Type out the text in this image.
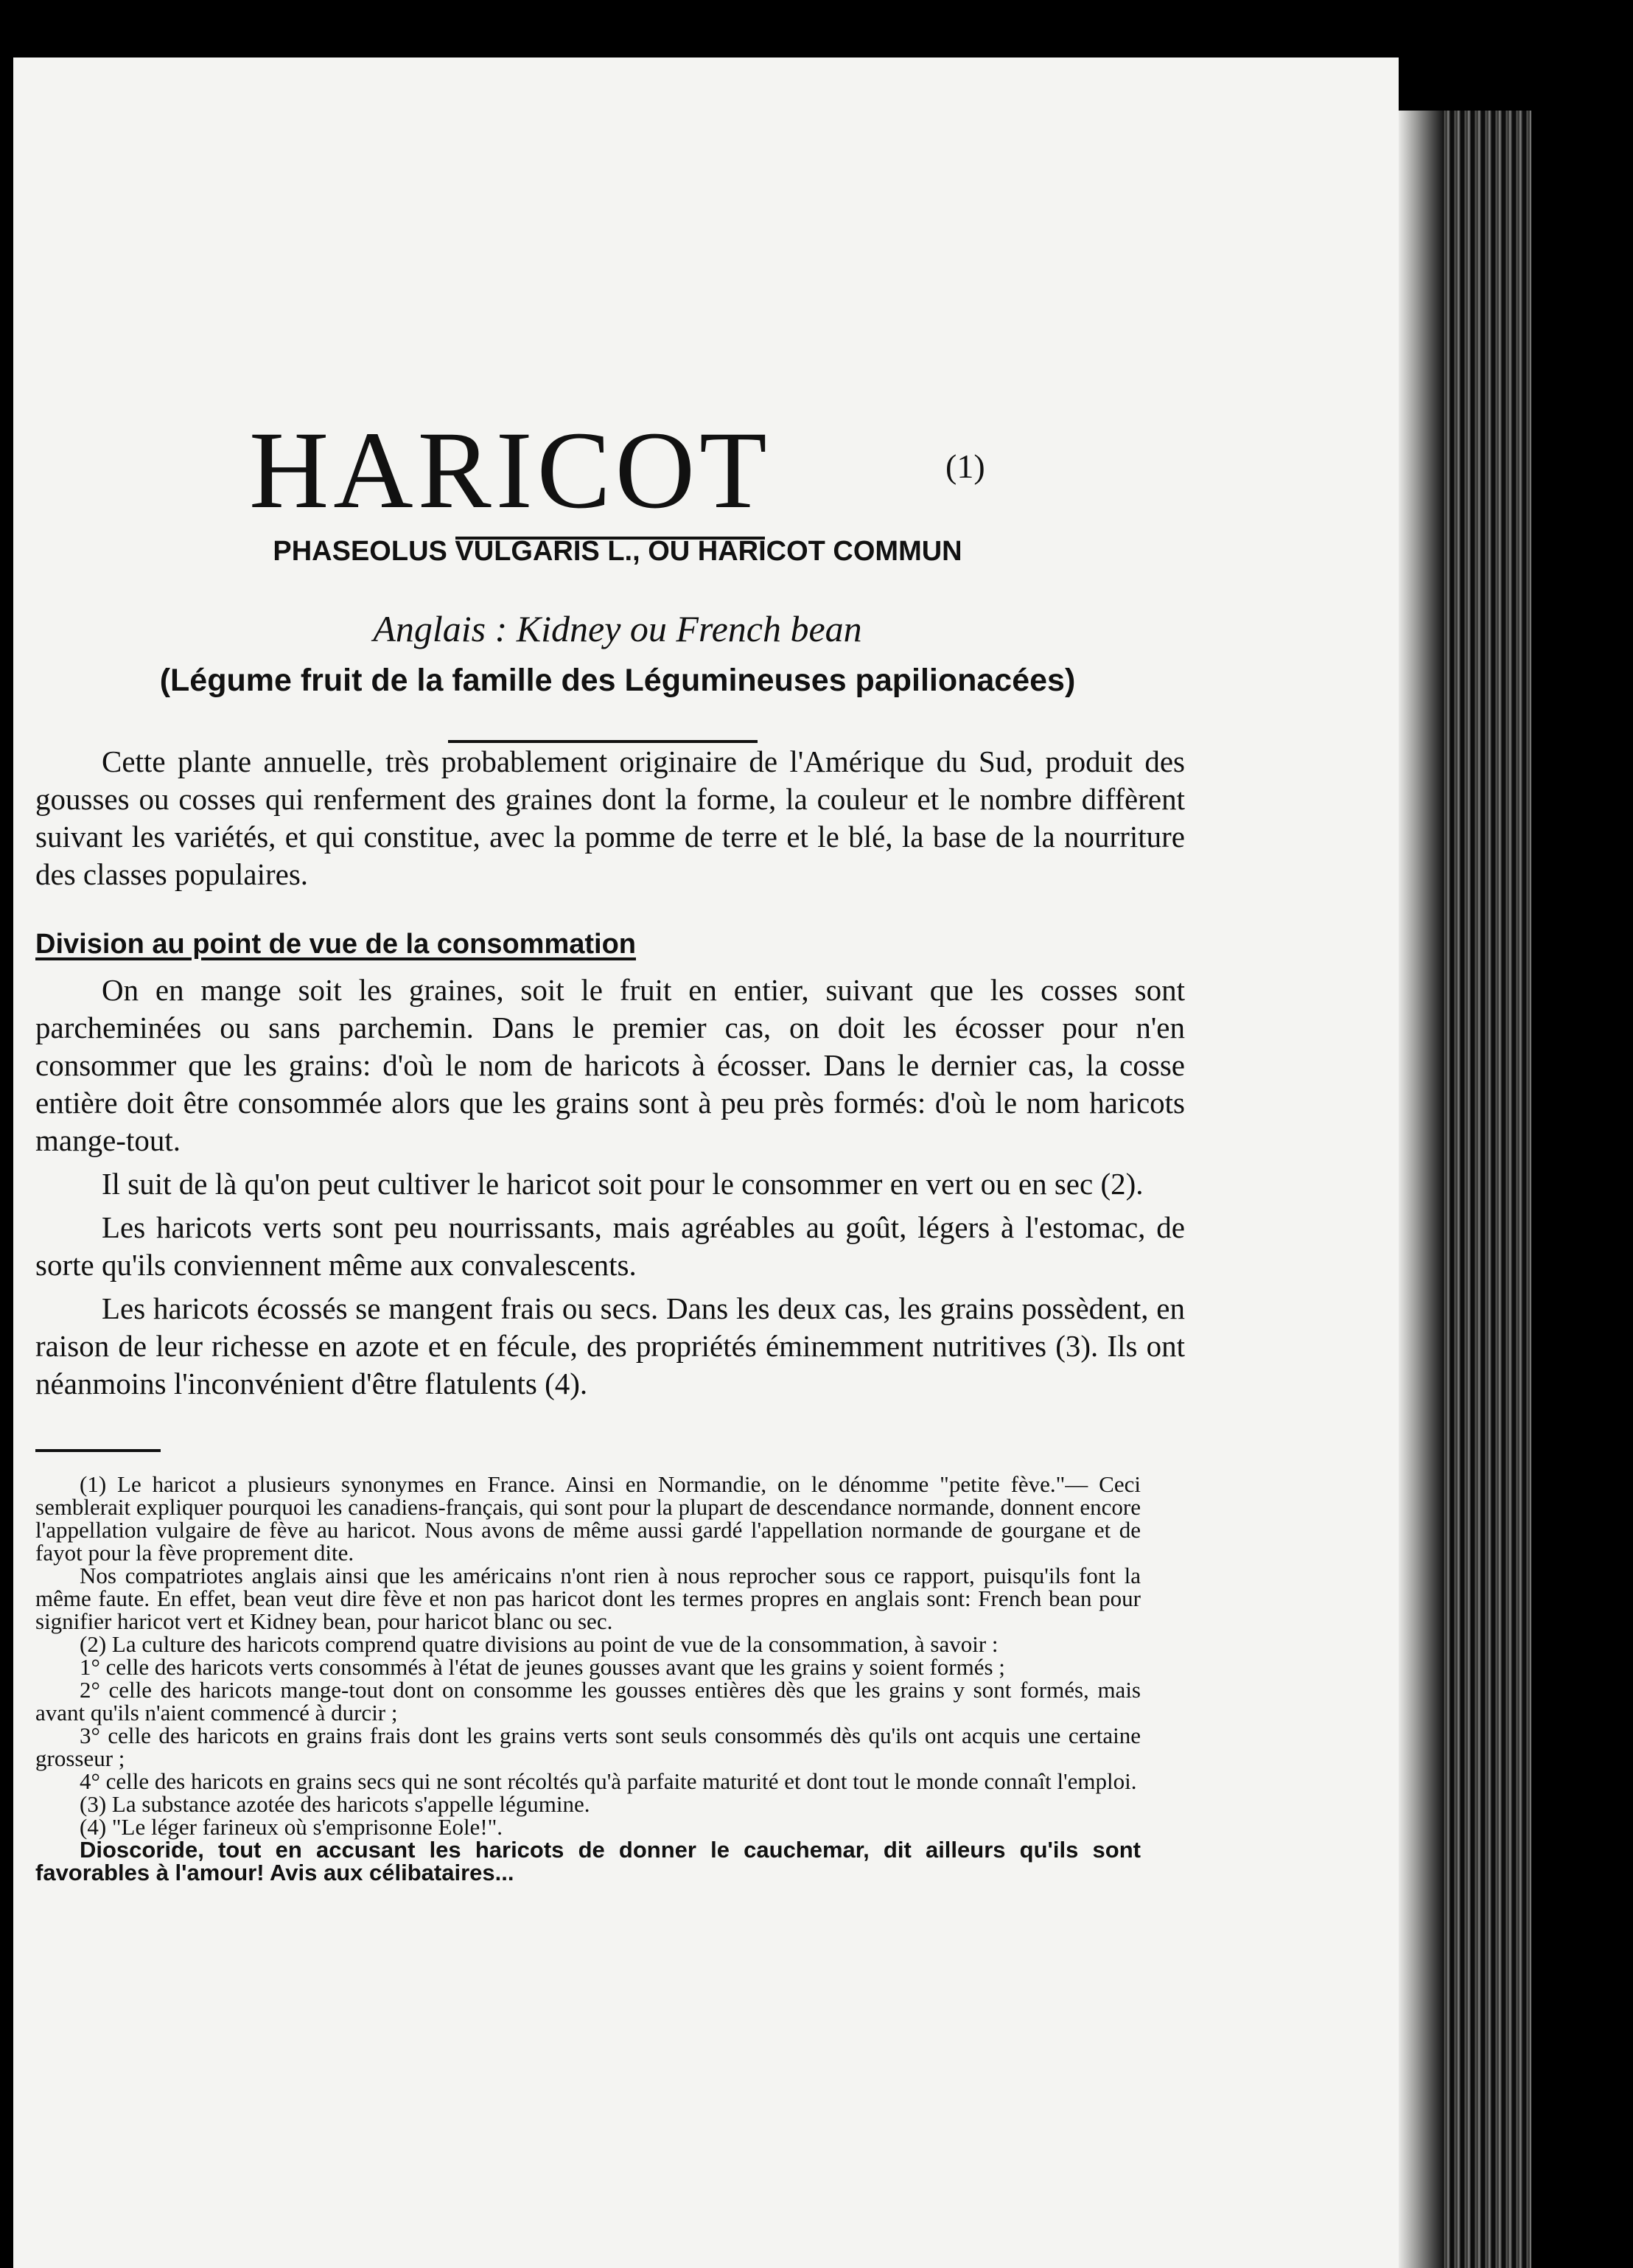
HARICOT	(1)
PHASEOLUS VULGARIS L., OU HARICOT COMMUN
Anglais : Kidney ou French bean
(Légume fruit de la famille des Légumineuses papilionacées)

Cette plante annuelle, très probablement originaire de l'Amérique du Sud, produit des gousses ou cosses qui renferment des graines dont la forme, la couleur et le nombre diffèrent suivant les variétés, et qui constitue, avec la pomme de terre et le blé, la base de la nourriture des classes populaires.

Division au point de vue de la consommation

On en mange soit les graines, soit le fruit en entier, suivant que les cosses sont parcheminées ou sans parchemin. Dans le premier cas, on doit les écosser pour n'en consommer que les grains: d'où le nom de haricots à écosser. Dans le dernier cas, la cosse entière doit être consommée alors que les grains sont à peu près formés: d'où le nom haricots mange-tout.

Il suit de là qu'on peut cultiver le haricot soit pour le consommer en vert ou en sec (2).

Les haricots verts sont peu nourrissants, mais agréables au goût, légers à l'estomac, de sorte qu'ils conviennent même aux convalescents.

Les haricots écossés se mangent frais ou secs. Dans les deux cas, les grains possèdent, en raison de leur richesse en azote et en fécule, des propriétés éminemment nutritives (3). Ils ont néanmoins l'inconvénient d'être flatulents (4).

(1) Le haricot a plusieurs synonymes en France. Ainsi en Normandie, on le dénomme "petite fève."— Ceci semblerait expliquer pourquoi les canadiens-français, qui sont pour la plupart de descendance normande, donnent encore l'appellation vulgaire de fève au haricot. Nous avons de même aussi gardé l'appellation normande de gourgane et de fayot pour la fève proprement dite.

Nos compatriotes anglais ainsi que les américains n'ont rien à nous reprocher sous ce rapport, puisqu'ils font la même faute. En effet, bean veut dire fève et non pas haricot dont les termes propres en anglais sont: French bean pour signifier haricot vert et Kidney bean, pour haricot blanc ou sec.

(2) La culture des haricots comprend quatre divisions au point de vue de la consommation, à savoir :

1° celle des haricots verts consommés à l'état de jeunes gousses avant que les grains y soient formés ;

2° celle des haricots mange-tout dont on consomme les gousses entières dès que les grains y sont formés, mais avant qu'ils n'aient commencé à durcir ;

3° celle des haricots en grains frais dont les grains verts sont seuls consommés dès qu'ils ont acquis une certaine grosseur ;

4° celle des haricots en grains secs qui ne sont récoltés qu'à parfaite maturité et dont tout le monde connaît l'emploi.

(3) La substance azotée des haricots s'appelle légumine.

(4) "Le léger farineux où s'emprisonne Eole!".

Dioscoride, tout en accusant les haricots de donner le cauchemar, dit ailleurs qu'ils sont favorables à l'amour! Avis aux célibataires...
